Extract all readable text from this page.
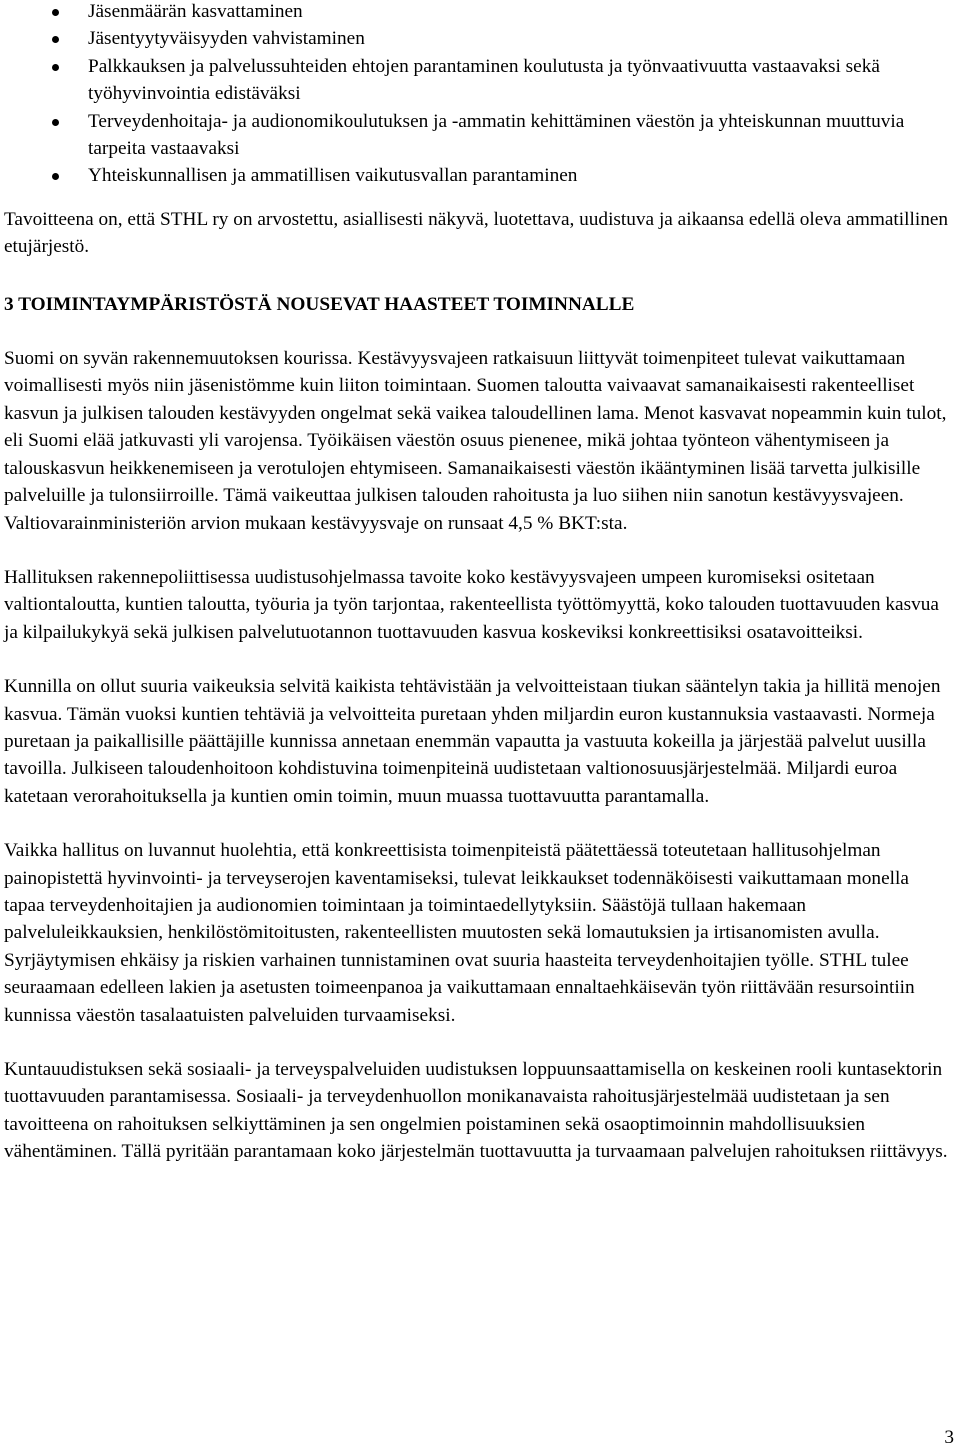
Jäsenmäärän kasvattaminen
Jäsentyytyväisyyden vahvistaminen
Palkkauksen ja palvelussuhteiden ehtojen parantaminen koulutusta ja työnvaativuutta vastaavaksi sekä työhyvinvointia edistäväksi
Terveydenhoitaja- ja audionomikoulutuksen ja -ammatin kehittäminen väestön ja yhteiskunnan muuttuvia tarpeita vastaavaksi
Yhteiskunnallisen ja ammatillisen vaikutusvallan parantaminen

Tavoitteena on, että STHL ry on arvostettu, asiallisesti näkyvä, luotettava, uudistuva ja aikaansa edellä oleva ammatillinen etujärjestö.

3 TOIMINTAYMPÄRISTÖSTÄ NOUSEVAT HAASTEET TOIMINNALLE

Suomi on syvän rakennemuutoksen kourissa. Kestävyysvajeen ratkaisuun liittyvät toimenpiteet tulevat vaikuttamaan voimallisesti myös niin jäsenistömme kuin liiton toimintaan. Suomen taloutta vaivaavat samanaikaisesti rakenteelliset kasvun ja julkisen talouden kestävyyden ongelmat sekä vaikea taloudellinen lama. Menot kasvavat nopeammin kuin tulot, eli Suomi elää jatkuvasti yli varojensa. Työikäisen väestön osuus pienenee, mikä johtaa työnteon vähentymiseen ja talouskasvun heikkenemiseen ja verotulojen ehtymiseen. Samanaikaisesti väestön ikääntyminen lisää tarvetta julkisille palveluille ja tulonsiirroille. Tämä vaikeuttaa julkisen talouden rahoitusta ja luo siihen niin sanotun kestävyysvajeen. Valtiovarainministeriön arvion mukaan kestävyysvaje on runsaat 4,5 % BKT:sta.

Hallituksen rakennepoliittisessa uudistusohjelmassa tavoite koko kestävyysvajeen umpeen kuromiseksi ositetaan valtiontaloutta, kuntien taloutta, työuria ja työn tarjontaa, rakenteellista työttömyyttä, koko talouden tuottavuuden kasvua ja kilpailukykyä sekä julkisen palvelutuotannon tuottavuuden kasvua koskeviksi konkreettisiksi osatavoitteiksi.

Kunnilla on ollut suuria vaikeuksia selvitä kaikista tehtävistään ja velvoitteistaan tiukan sääntelyn takia ja hillitä menojen kasvua. Tämän vuoksi kuntien tehtäviä ja velvoitteita puretaan yhden miljardin euron kustannuksia vastaavasti. Normeja puretaan ja paikallisille päättäjille kunnissa annetaan enemmän vapautta ja vastuuta kokeilla ja järjestää palvelut uusilla tavoilla. Julkiseen taloudenhoitoon kohdistuvina toimenpiteinä uudistetaan valtionosuusjärjestelmää. Miljardi euroa katetaan verorahoituksella ja kuntien omin toimin, muun muassa tuottavuutta parantamalla.

Vaikka hallitus on luvannut huolehtia, että konkreettisista toimenpiteistä päätettäessä toteutetaan hallitusohjelman painopistettä hyvinvointi- ja terveyserojen kaventamiseksi, tulevat leikkaukset todennäköisesti vaikuttamaan monella tapaa terveydenhoitajien ja audionomien toimintaan ja toimintaedellytyksiin. Säästöjä tullaan hakemaan palveluleikkauksien, henkilöstömitoitusten, rakenteellisten muutosten sekä lomautuksien ja irtisanomisten avulla. Syrjäytymisen ehkäisy ja riskien varhainen tunnistaminen ovat suuria haasteita terveydenhoitajien työlle. STHL tulee seuraamaan edelleen lakien ja asetusten toimeenpanoa ja vaikuttamaan ennaltaehkäisevän työn riittävään resursointiin kunnissa väestön tasalaatuisten palveluiden turvaamiseksi.

Kuntauudistuksen sekä sosiaali- ja terveyspalveluiden uudistuksen loppuunsaattamisella on keskeinen rooli kuntasektorin tuottavuuden parantamisessa. Sosiaali- ja terveydenhuollon monikanavaista rahoitusjärjestelmää uudistetaan ja sen tavoitteena on rahoituksen selkiyttäminen ja sen ongelmien poistaminen sekä osaoptimoinnin mahdollisuuksien vähentäminen. Tällä pyritään parantamaan koko järjestelmän tuottavuutta ja turvaamaan palvelujen rahoituksen riittävyys.

3
